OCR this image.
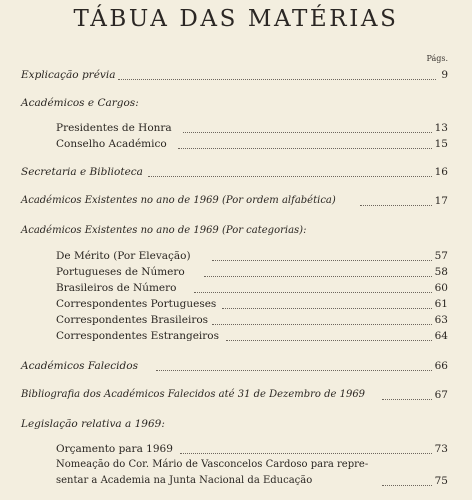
TÁBUA DAS MATÉRIAS
Págs.
Explicação prévia	9
Académicos e Cargos:
Presidentes de Honra	13
Conselho Académico	15
Secretaria e Biblioteca	16
Académicos Existentes no ano de 1969 (Por ordem alfabética)	17
Académicos Existentes no ano de 1969 (Por categorias):
De Mérito (Por Elevação)	57
Portugueses de Número	58
Brasileiros de Número	60
Correspondentes Portugueses	61
Correspondentes Brasileiros	63
Correspondentes Estrangeiros	64
Académicos Falecidos	66
Bibliografia dos Académicos Falecidos até 31 de Dezembro de 1969	67
Legislação relativa a 1969:
Orçamento para 1969	73
Nomeação do Cor. Mário de Vasconcelos Cardoso para repre-
sentar a Academia na Junta Nacional da Educação	75
